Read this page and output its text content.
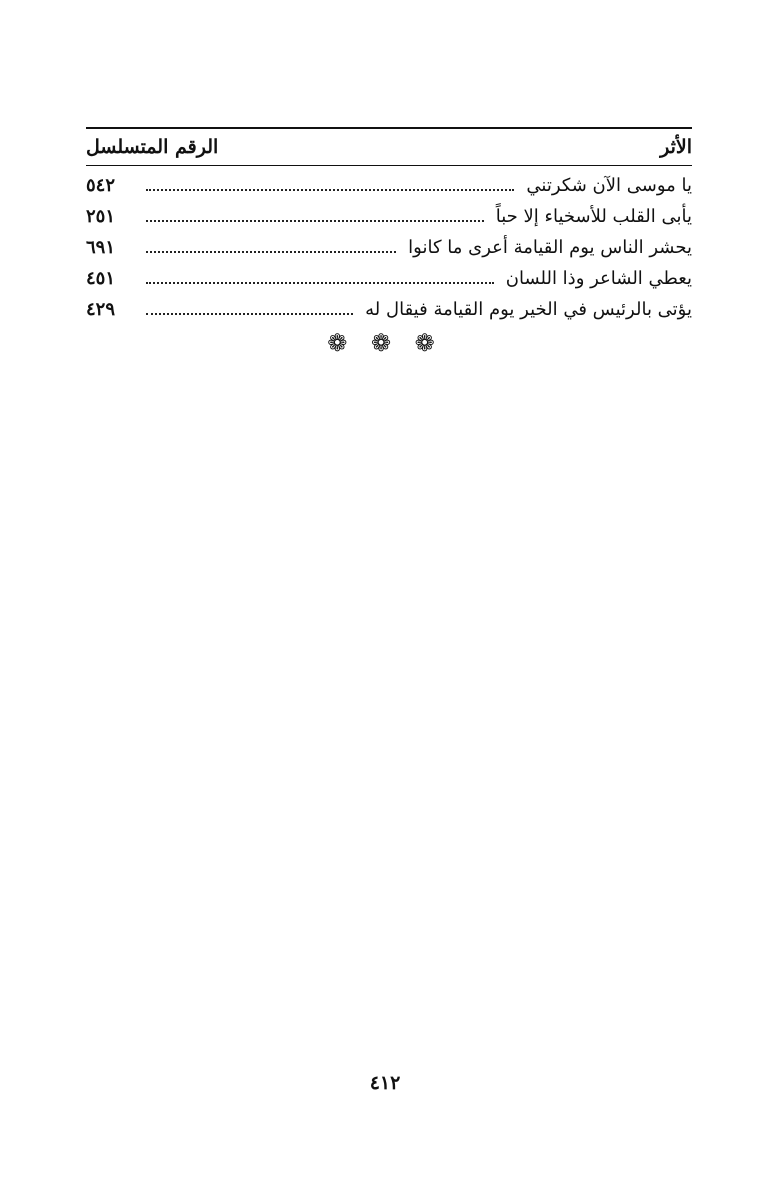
الأثر
الرقم المتسلسل
يا موسى الآن شكرتني
٥٤٢
يأبى القلب للأسخياء إلا حباً
٢٥١
يحشر الناس يوم القيامة أعرى ما كانوا
٦٩١
يعطي الشاعر وذا اللسان
٤٥١
يؤتى بالرئيس في الخير يوم القيامة فيقال له
٤٢٩
❁ ❁ ❁
٤١٢
